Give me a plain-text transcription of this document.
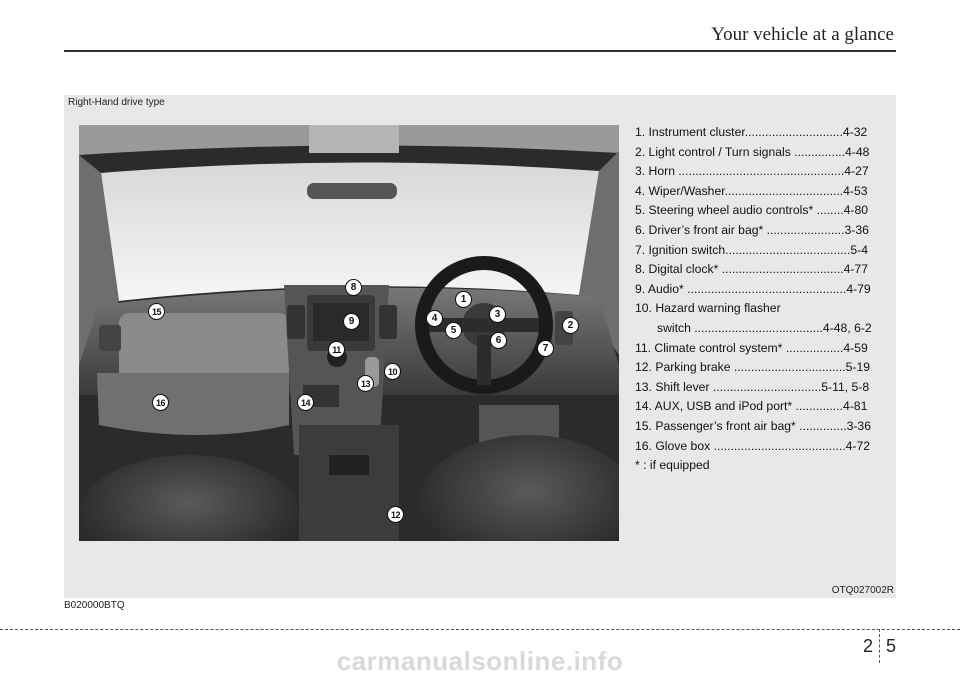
Your vehicle at a glance
Right-Hand drive type
1
2
3
4
5
6
7
8
9
10
11
12
13
14
15
16
1. Instrument cluster.............................4-32
2. Light control / Turn signals ...............4-48
3. Horn .................................................4-27
4. Wiper/Washer...................................4-53
5. Steering wheel audio controls* ........4-80
6. Driver’s front air bag* .......................3-36
7. Ignition switch.....................................5-4
8. Digital clock* ....................................4-77
9. Audio* ...............................................4-79
10. Hazard warning flasher
switch ......................................4-48, 6-2
11. Climate control system* .................4-59
12. Parking brake .................................5-19
13. Shift lever ................................5-11, 5-8
14. AUX, USB and iPod port* ..............4-81
15. Passenger’s front air bag* ..............3-36
16. Glove box .......................................4-72
* : if equipped
OTQ027002R
B020000BTQ
2 5
carmanualsonline.info
